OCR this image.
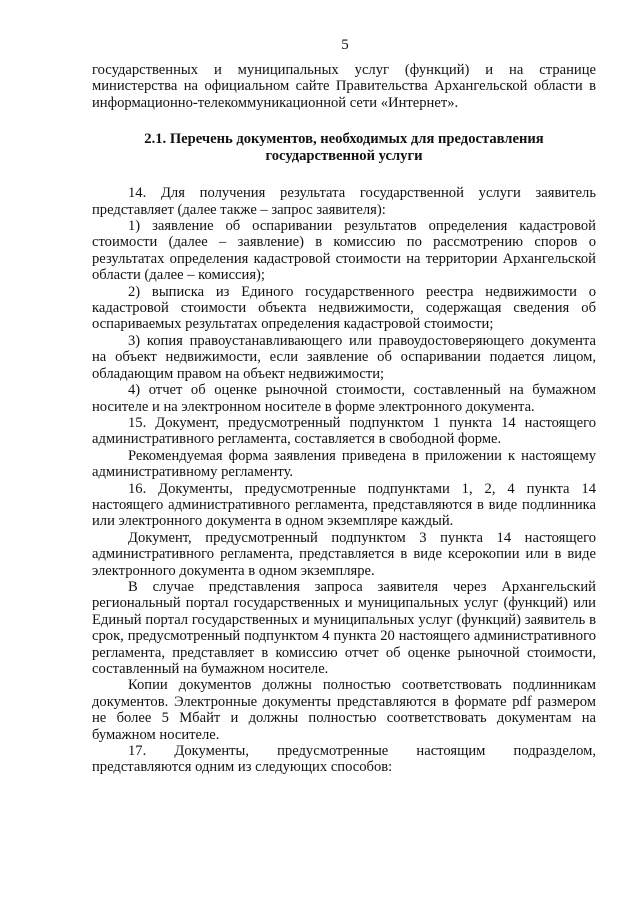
5

государственных и муниципальных услуг (функций) и на странице министерства на официальном сайте Правительства Архангельской области в информационно-телекоммуникационной сети «Интернет».

2.1. Перечень документов, необходимых для предоставления
государственной услуги

14. Для получения результата государственной услуги заявитель представляет (далее также – запрос заявителя):

1) заявление об оспаривании результатов определения кадастровой стоимости (далее – заявление) в комиссию по рассмотрению споров о результатах определения кадастровой стоимости на территории Архангельской области (далее – комиссия);

2) выписка из Единого государственного реестра недвижимости о кадастровой стоимости объекта недвижимости, содержащая сведения об оспариваемых результатах определения кадастровой стоимости;

3) копия правоустанавливающего или правоудостоверяющего документа на объект недвижимости, если заявление об оспаривании подается лицом, обладающим правом на объект недвижимости;

4) отчет об оценке рыночной стоимости, составленный на бумажном носителе и на электронном носителе в форме электронного документа.

15. Документ, предусмотренный подпунктом 1 пункта 14 настоящего административного регламента, составляется в свободной форме.

Рекомендуемая форма заявления приведена в приложении к настоящему административному регламенту.

16. Документы, предусмотренные подпунктами 1, 2, 4 пункта 14 настоящего административного регламента, представляются в виде подлинника или электронного документа в одном экземпляре каждый.

Документ, предусмотренный подпунктом 3 пункта 14 настоящего административного регламента, представляется в виде ксерокопии или в виде электронного документа в одном экземпляре.

В случае представления запроса заявителя через Архангельский региональный портал государственных и муниципальных услуг (функций) или Единый портал государственных и муниципальных услуг (функций) заявитель в срок, предусмотренный подпунктом 4 пункта 20 настоящего административного регламента, представляет в комиссию отчет об оценке рыночной стоимости, составленный на бумажном носителе.

Копии документов должны полностью соответствовать подлинникам документов. Электронные документы представляются в формате pdf размером не более 5 Мбайт и должны полностью соответствовать документам на бумажном носителе.

17. Документы, предусмотренные настоящим подразделом, представляются одним из следующих способов:
